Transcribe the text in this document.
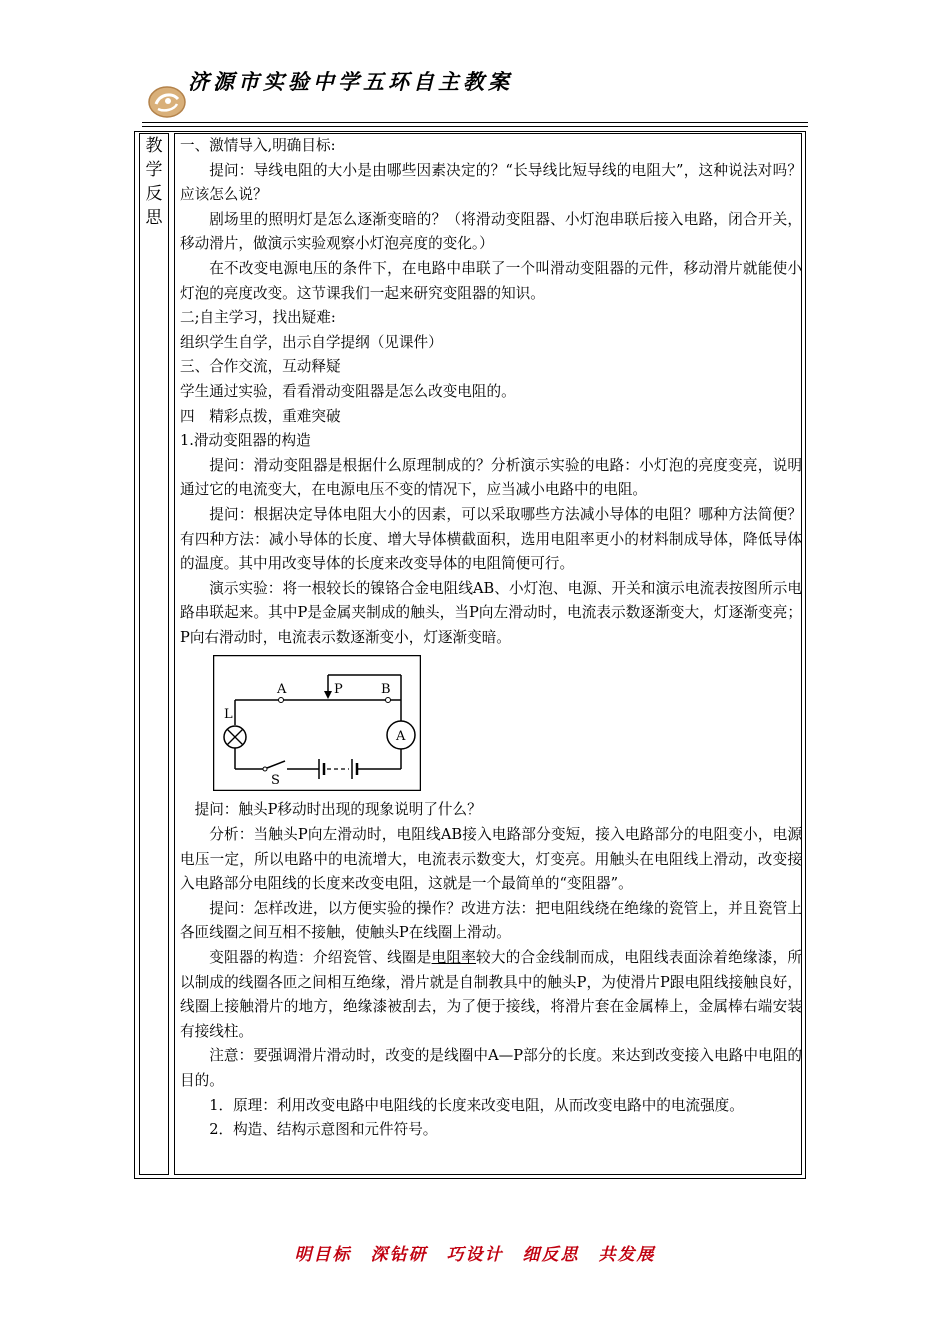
济源市实验中学五环自主教案
教
学
反
思

一、激情导入,明确目标:

提问：导线电阻的大小是由哪些因素决定的？“长导线比短导线的电阻大”，这种说法对吗？应该怎么说？

剧场里的照明灯是怎么逐渐变暗的？（将滑动变阻器、小灯泡串联后接入电路，闭合开关，移动滑片，做演示实验观察小灯泡亮度的变化。）

在不改变电源电压的条件下，在电路中串联了一个叫滑动变阻器的元件，移动滑片就能使小灯泡的亮度改变。这节课我们一起来研究变阻器的知识。

二;自主学习，找出疑难:

组织学生自学，出示自学提纲（见课件）

三、合作交流，互动释疑

学生通过实验，看看滑动变阻器是怎么改变电阻的。

四　精彩点拨，重难突破

1.滑动变阻器的构造

提问：滑动变阻器是根据什么原理制成的？分析演示实验的电路：小灯泡的亮度变亮，说明通过它的电流变大，在电源电压不变的情况下，应当减小电路中的电阻。

提问：根据决定导体电阻大小的因素，可以采取哪些方法减小导体的电阻？哪种方法简便？有四种方法：减小导体的长度、增大导体横截面积，选用电阻率更小的材料制成导体，降低导体的温度。其中用改变导体的长度来改变导体的电阻简便可行。

演示实验：将一根较长的镍铬合金电阻线AB、小灯泡、电源、开关和演示电流表按图所示电路串联起来。其中P是金属夹制成的触头，当P向左滑动时，电流表示数逐渐变大，灯逐渐变亮；P向右滑动时，电流表示数逐渐变小，灯逐渐变暗。

提问：触头P移动时出现的现象说明了什么？

分析：当触头P向左滑动时，电阻线AB接入电路部分变短，接入电路部分的电阻变小，电源电压一定，所以电路中的电流增大，电流表示数变大，灯变亮。用触头在电阻线上滑动，改变接入电路部分电阻线的长度来改变电阻，这就是一个最简单的“变阻器”。

提问：怎样改进，以方便实验的操作？改进方法：把电阻线绕在绝缘的瓷管上，并且瓷管上各匝线圈之间互相不接触，使触头P在线圈上滑动。

变阻器的构造：介绍瓷管、线圈是电阻率较大的合金线制而成，电阻线表面涂着绝缘漆，所以制成的线圈各匝之间相互绝缘，滑片就是自制教具中的触头P，为使滑片P跟电阻线接触良好，线圈上接触滑片的地方，绝缘漆被刮去，为了便于接线，将滑片套在金属棒上，金属棒右端安装有接线柱。

注意：要强调滑片滑动时，改变的是线圈中A—P部分的长度。来达到改变接入电路中电阻的目的。

1．原理：利用改变电路中电阻线的长度来改变电阻，从而改变电路中的电流强度。

2．构造、结构示意图和元件符号。

A	B
P
A
L
S
明目标　深钻研　巧设计　细反思　共发展
